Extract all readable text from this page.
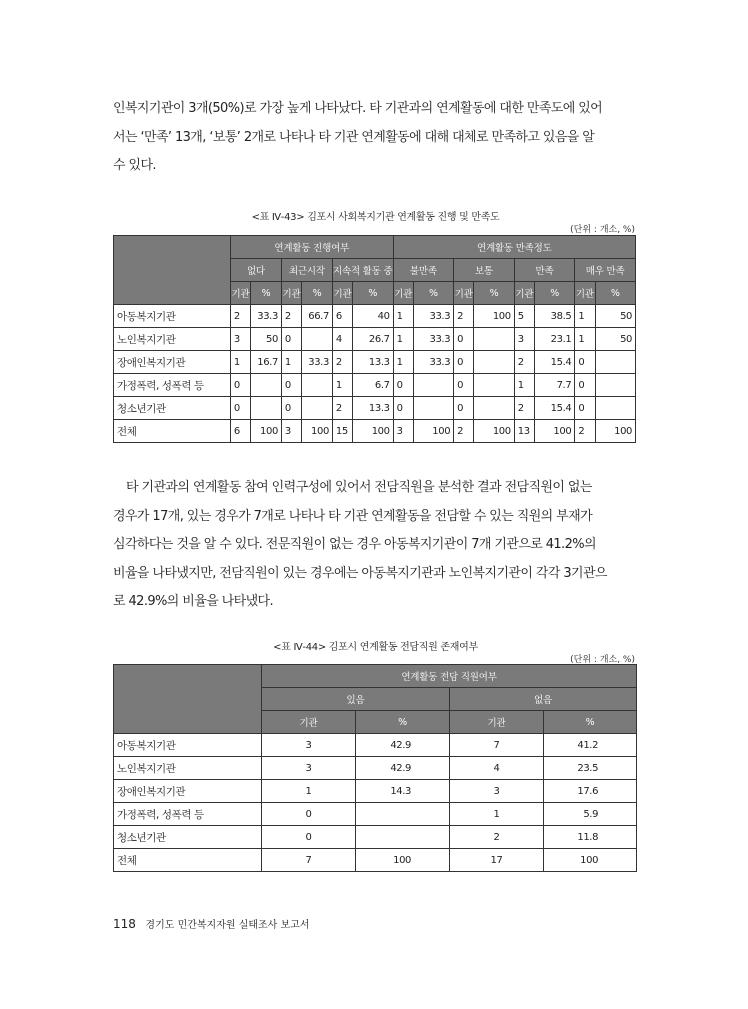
인복지기관이 3개(50%)로 가장 높게 나타났다. 타 기관과의 연계활동에 대한 만족도에 있어

서는 ‘만족’ 13개, ‘보통’ 2개로 나타나 타 기관 연계활동에 대해 대체로 만족하고 있음을 알

수 있다.

<표 Ⅳ-43> 김포시 사회복지기관 연계활동 진행 및 만족도
(단위 : 개소, %)
	연계활동 진행여부						연계활동 만족정도							
	없다		최근시작		지속적 활동 중		불만족		보통		만족		매우 만족	
	기관	%	기관	%	기관	%	기관	%	기관	%	기관	%	기관	%
아동복지기관	2	33.3	2	66.7	6	40	1	33.3	2	100	5	38.5	1	50
노인복지기관	3	50	0		4	26.7	1	33.3	0		3	23.1	1	50
장애인복지기관	1	16.7	1	33.3	2	13.3	1	33.3	0		2	15.4	0	
가정폭력, 성폭력 등	0		0		1	6.7	0		0		1	7.7	0	
청소년기관	0		0		2	13.3	0		0		2	15.4	0	
전체	6	100	3	100	15	100	3	100	2	100	13	100	2	100

타 기관과의 연계활동 참여 인력구성에 있어서 전담직원을 분석한 결과 전담직원이 없는

경우가 17개, 있는 경우가 7개로 나타나 타 기관 연계활동을 전담할 수 있는 직원의 부재가

심각하다는 것을 알 수 있다. 전문직원이 없는 경우 아동복지기관이 7개 기관으로 41.2%의

비율을 나타냈지만, 전담직원이 있는 경우에는 아동복지기관과 노인복지기관이 각각 3기관으

로 42.9%의 비율을 나타냈다.

<표 Ⅳ-44> 김포시 연계활동 전담직원 존재여부
(단위 : 개소, %)
	연계활동 전담 직원여부			
	있음		없음	
	기관	%	기관	%
아동복지기관	3	42.9	7	41.2
노인복지기관	3	42.9	4	23.5
장애인복지기관	1	14.3	3	17.6
가정폭력, 성폭력 등	0		1	5.9
청소년기관	0		2	11.8
전체	7	100	17	100
118 경기도 민간복지자원 실태조사 보고서
